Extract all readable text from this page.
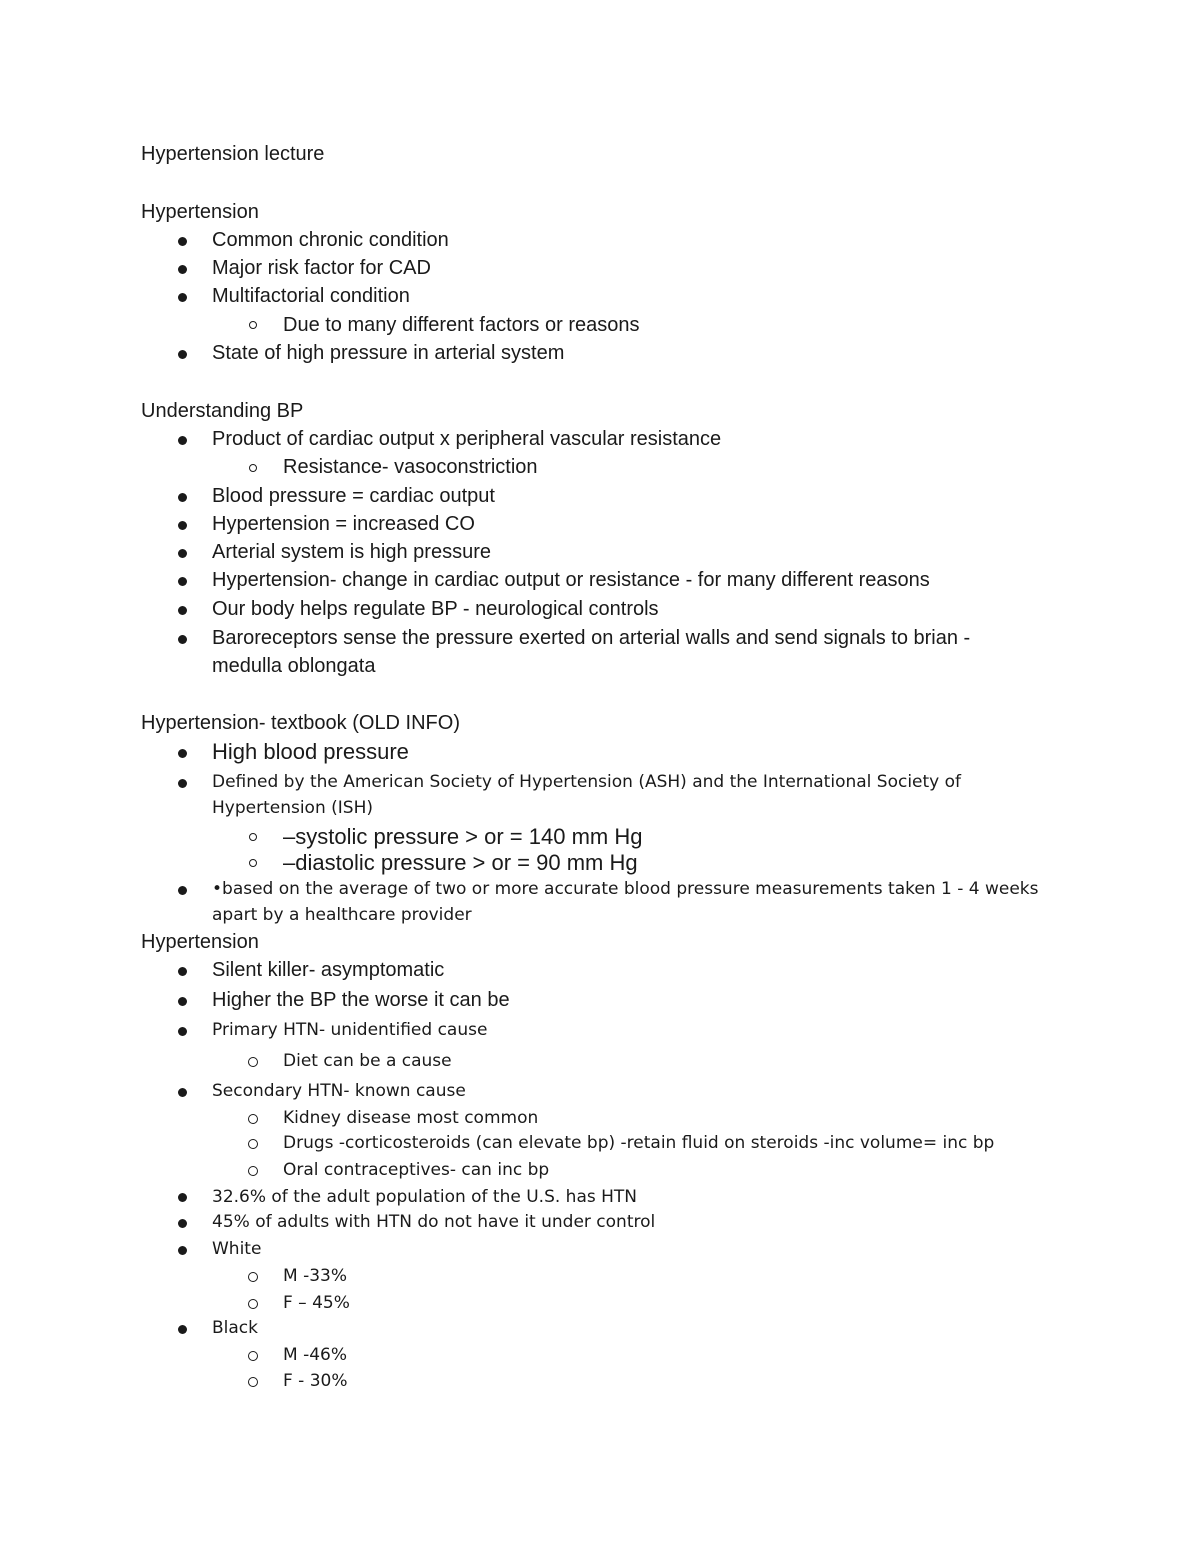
Hypertension lecture
Hypertension
Common chronic condition
Major risk factor for CAD
Multifactorial condition
Due to many different factors or reasons
State of high pressure in arterial system
Understanding BP
Product of cardiac output x peripheral vascular resistance
Resistance- vasoconstriction
Blood pressure = cardiac output
Hypertension = increased CO
Arterial system is high pressure
Hypertension- change in cardiac output or resistance - for many different reasons
Our body helps regulate BP - neurological controls
Baroreceptors sense the pressure exerted on arterial walls and send signals to brian -
medulla oblongata
Hypertension- textbook (OLD INFO)
High blood pressure
Defined by the American Society of Hypertension (ASH) and the International Society of
Hypertension (ISH)
–systolic pressure > or = 140 mm Hg
–diastolic pressure > or = 90 mm Hg
•based on the average of two or more accurate blood pressure measurements taken 1 - 4 weeks
apart by a healthcare provider
Hypertension
Silent killer- asymptomatic
Higher the BP the worse it can be
Primary HTN- unidentified cause
Diet can be a cause
Secondary HTN- known cause
Kidney disease most common
Drugs -corticosteroids (can elevate bp) -retain fluid on steroids -inc volume= inc bp
Oral contraceptives- can inc bp
32.6% of the adult population of the U.S. has HTN
45% of adults with HTN do not have it under control
White
M -33%
F – 45%
Black
M -46%
F - 30%
